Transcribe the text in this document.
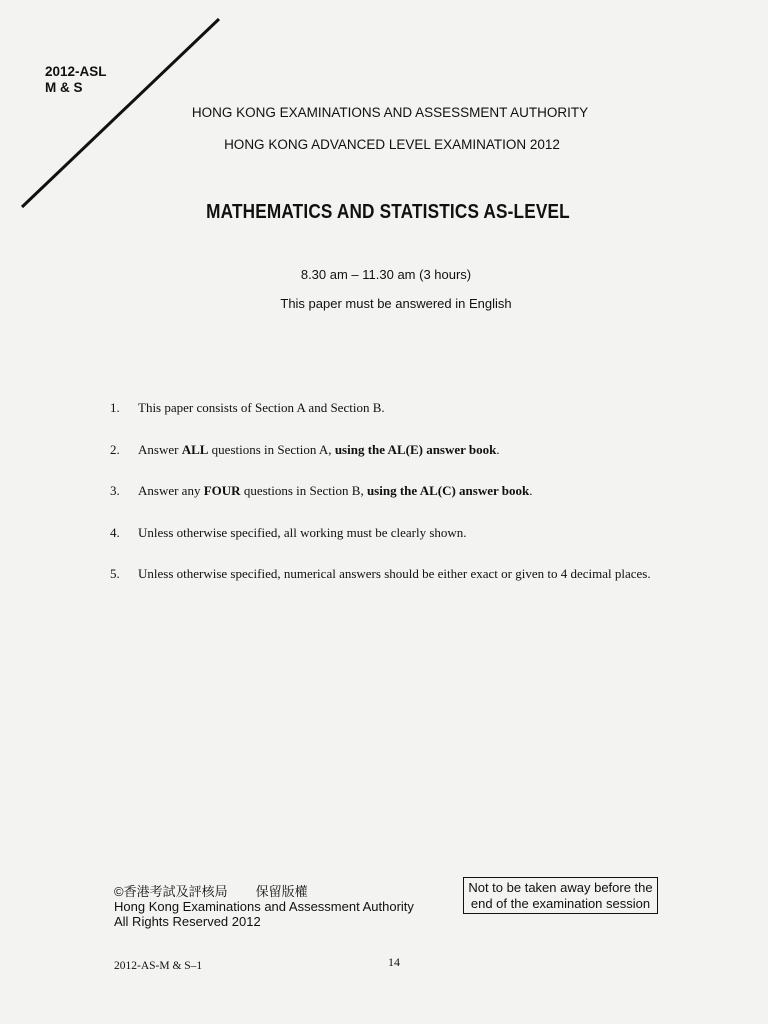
2012-ASL
M & S
HONG KONG EXAMINATIONS AND ASSESSMENT AUTHORITY
HONG KONG ADVANCED LEVEL EXAMINATION 2012
MATHEMATICS AND STATISTICS AS-LEVEL
8.30 am – 11.30 am (3 hours)
This paper must be answered in English
1.	This paper consists of Section A and Section B.
2.	Answer ALL questions in Section A, using the AL(E) answer book.
3.	Answer any FOUR questions in Section B, using the AL(C) answer book.
4.	Unless otherwise specified, all working must be clearly shown.
5.	Unless otherwise specified, numerical answers should be either exact or given to 4 decimal places.
©香港考試及評核局 保留版權
Hong Kong Examinations and Assessment Authority
All Rights Reserved 2012
Not to be taken away before the
end of the examination session
2012-AS-M & S–1	14
